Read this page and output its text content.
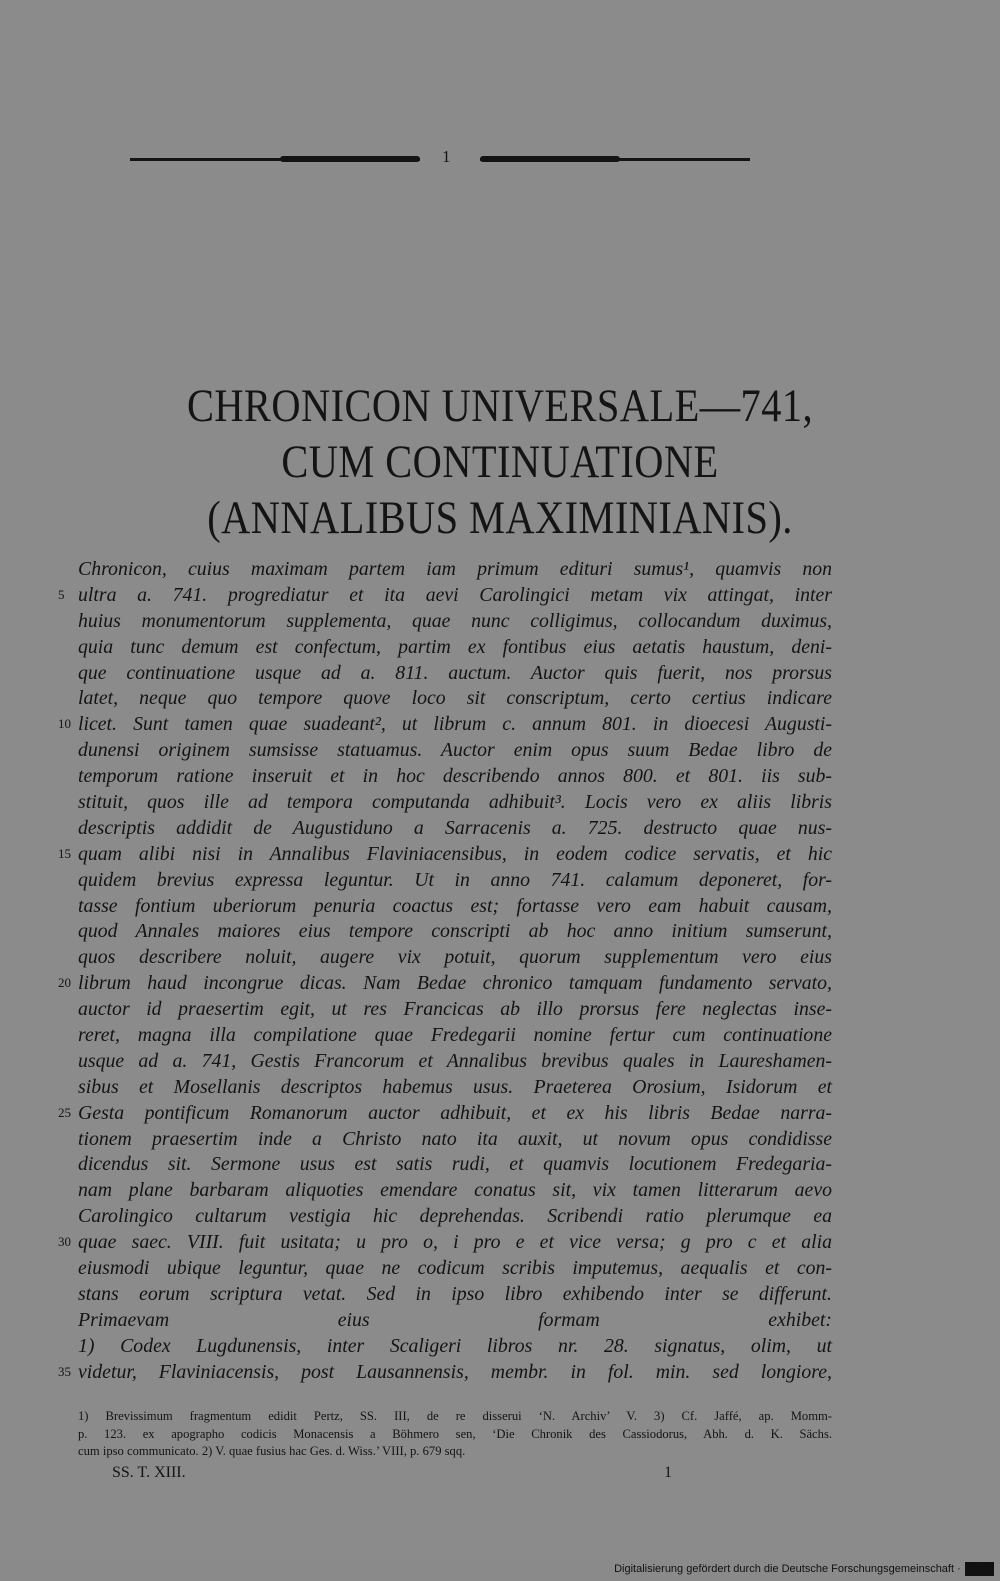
1
CHRONICON UNIVERSALE—741,
CUM CONTINUATIONE
(ANNALIBUS MAXIMINIANIS).
Chronicon, cuius maximam partem iam primum edituri sumus¹, quamvis non
5 ultra a. 741. progrediatur et ita aevi Carolingici metam vix attingat, inter
huius monumentorum supplementa, quae nunc colligimus, collocandum duximus,
quia tunc demum est confectum, partim ex fontibus eius aetatis haustum, deni-
que continuatione usque ad a. 811. auctum. Auctor quis fuerit, nos prorsus
latet, neque quo tempore quove loco sit conscriptum, certo certius indicare
10 licet. Sunt tamen quae suadeant², ut librum c. annum 801. in dioecesi Augusti-
dunensi originem sumsisse statuamus. Auctor enim opus suum Bedae libro de
temporum ratione inseruit et in hoc describendo annos 800. et 801. iis sub-
stituit, quos ille ad tempora computanda adhibuit³. Locis vero ex aliis libris
descriptis addidit de Augustiduno a Sarracenis a. 725. destructo quae nus-
15 quam alibi nisi in Annalibus Flaviniacensibus, in eodem codice servatis, et hic
quidem brevius expressa leguntur. Ut in anno 741. calamum deponeret, for-
tasse fontium uberiorum penuria coactus est; fortasse vero eam habuit causam,
quod Annales maiores eius tempore conscripti ab hoc anno initium sumserunt,
quos describere noluit, augere vix potuit, quorum supplementum vero eius
20 librum haud incongrue dicas. Nam Bedae chronico tamquam fundamento servato,
auctor id praesertim egit, ut res Francicas ab illo prorsus fere neglectas inse-
reret, magna illa compilatione quae Fredegarii nomine fertur cum continuatione
usque ad a. 741, Gestis Francorum et Annalibus brevibus quales in Laureshamen-
sibus et Mosellanis descriptos habemus usus. Praeterea Orosium, Isidorum et
25 Gesta pontificum Romanorum auctor adhibuit, et ex his libris Bedae narra-
tionem praesertim inde a Christo nato ita auxit, ut novum opus condidisse
dicendus sit. Sermone usus est satis rudi, et quamvis locutionem Fredegaria-
nam plane barbaram aliquoties emendare conatus sit, vix tamen litterarum aevo
Carolingico cultarum vestigia hic deprehendas. Scribendi ratio plerumque ea
30 quae saec. VIII. fuit usitata; u pro o, i pro e et vice versa; g pro c et alia
eiusmodi ubique leguntur, quae ne codicum scribis imputemus, aequalis et con-
stans eorum scriptura vetat. Sed in ipso libro exhibendo inter se differunt.
Primaevam eius formam exhibet:
1) Codex Lugdunensis, inter Scaligeri libros nr. 28. signatus, olim, ut
35 videtur, Flaviniacensis, post Lausannensis, membr. in fol. min. sed longiore,
1) Brevissimum fragmentum edidit Pertz, SS. III, de re disserui ‘N. Archiv’ V. 3) Cf. Jaffé, ap. Momm-
p. 123. ex apographo codicis Monacensis a Böhmero sen, ‘Die Chronik des Cassiodorus, Abh. d. K. Sächs.
cum ipso communicato. 2) V. quae fusius hac Ges. d. Wiss.’ VIII, p. 679 sqq.
SS. T. XIII.	1
Digitalisierung gefördert durch die Deutsche Forschungsgemeinschaft · DFG
